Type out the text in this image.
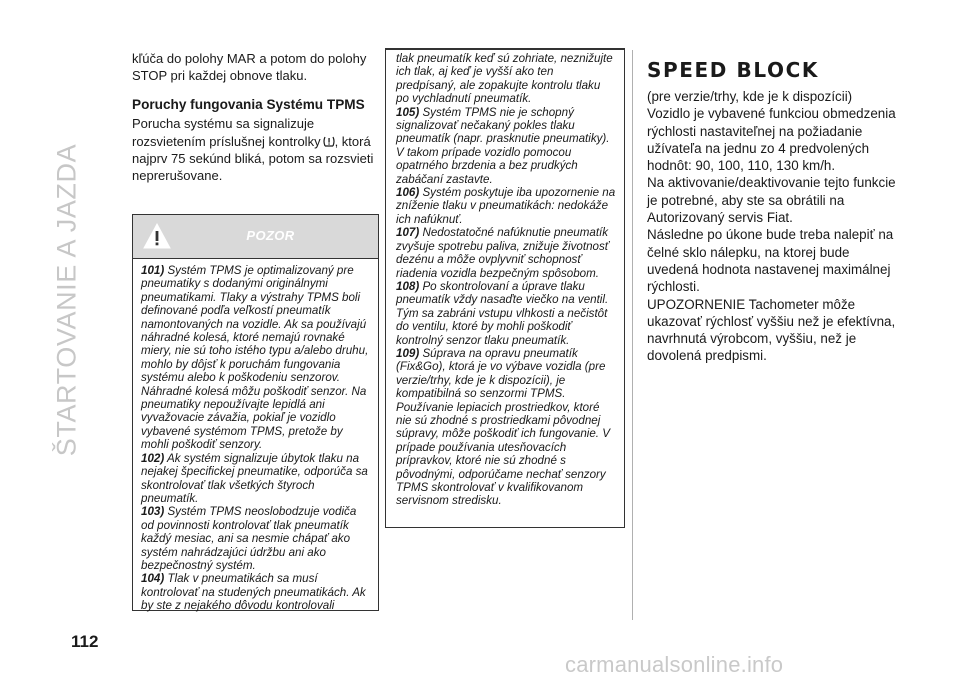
ŠTARTOVANIE A JAZDA
112

kľúča do polohy MAR a potom do polohy STOP pri každej obnove tlaku.

Poruchy fungovania Systému TPMS

Porucha systému sa signalizuje rozsvietením príslušnej kontrolky , ktorá najprv 75 sekúnd bliká, potom sa rozsvieti neprerušovane.

POZOR

101) Systém TPMS je optimalizovaný pre pneumatiky s dodanými originálnymi pneumatikami. Tlaky a výstrahy TPMS boli definované podľa veľkostí pneumatík namontovaných na vozidle. Ak sa používajú náhradné kolesá, ktoré nemajú rovnaké miery, nie sú toho istého typu a/alebo druhu, mohlo by dôjsť k poruchám fungovania systému alebo k poškodeniu senzorov. Náhradné kolesá môžu poškodiť senzor. Na pneumatiky nepoužívajte lepidlá ani vyvažovacie závažia, pokiaľ je vozidlo vybavené systémom TPMS, pretože by mohli poškodiť senzory.

102) Ak systém signalizuje úbytok tlaku na nejakej špecifickej pneumatike, odporúča sa skontrolovať tlak všetkých štyroch pneumatík.

103) Systém TPMS neoslobodzuje vodiča od povinnosti kontrolovať tlak pneumatík každý mesiac, ani sa nesmie chápať ako systém nahrádzajúci údržbu ani ako bezpečnostný systém.

104) Tlak v pneumatikách sa musí kontrolovať na studených pneumatikách. Ak by ste z nejakého dôvodu kontrolovali

tlak pneumatík keď sú zohriate, neznižujte ich tlak, aj keď je vyšší ako ten predpísaný, ale zopakujte kontrolu tlaku po vychladnutí pneumatík.

105) Systém TPMS nie je schopný signalizovať nečakaný pokles tlaku pneumatík (napr. prasknutie pneumatiky). V takom prípade vozidlo pomocou opatrného brzdenia a bez prudkých zabáčaní zastavte.

106) Systém poskytuje iba upozornenie na zníženie tlaku v pneumatikách: nedokáže ich nafúknuť.

107) Nedostatočné nafúknutie pneumatík zvyšuje spotrebu paliva, znižuje životnosť dezénu a môže ovplyvniť schopnosť riadenia vozidla bezpečným spôsobom.

108) Po skontrolovaní a úprave tlaku pneumatík vždy nasaďte viečko na ventil. Tým sa zabráni vstupu vlhkosti a nečistôt do ventilu, ktoré by mohli poškodiť kontrolný senzor tlaku pneumatík.

109) Súprava na opravu pneumatík (Fix&Go), ktorá je vo výbave vozidla (pre verzie/trhy, kde je k dispozícii), je kompatibilná so senzormi TPMS. Používanie lepiacich prostriedkov, ktoré nie sú zhodné s prostriedkami pôvodnej súpravy, môže poškodiť ich fungovanie. V prípade používania utesňovacích prípravkov, ktoré nie sú zhodné s pôvodnými, odporúčame nechať senzory TPMS skontrolovať v kvalifikovanom servisnom stredisku.

SPEED BLOCK

(pre verzie/trhy, kde je k dispozícii) Vozidlo je vybavené funkciou obmedzenia rýchlosti nastaviteľnej na požiadanie užívateľa na jednu zo 4 predvolených hodnôt: 90, 100, 110, 130 km/h.

Na aktivovanie/deaktivovanie tejto funkcie je potrebné, aby ste sa obrátili na Autorizovaný servis Fiat.

Následne po úkone bude treba nalepiť na čelné sklo nálepku, na ktorej bude uvedená hodnota nastavenej maximálnej rýchlosti.

UPOZORNENIE Tachometer môže ukazovať rýchlosť vyššiu než je efektívna, navrhnutá výrobcom, vyššiu, než je dovolená predpismi.

carmanualsonline.info
